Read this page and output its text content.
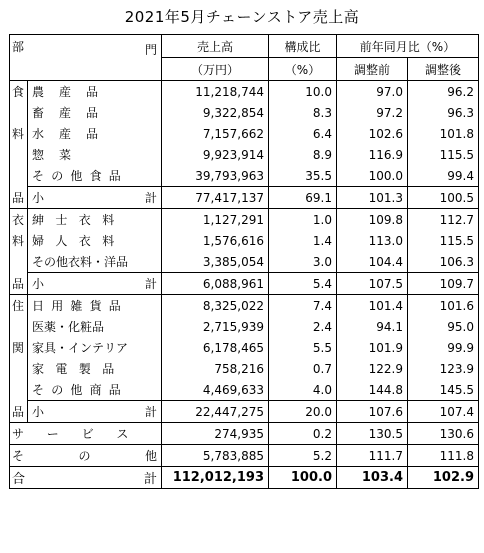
2021年5月チェーンストア売上高
部	門	売上高	構成比	前年同月比（%）	
		（万円）	（%）	調整前	調整後
食	農産品	11,218,744	10.0	97.0	96.2

	畜産品	9,322,854	8.3	97.2	96.3
料	水産品	7,157,662	6.4	102.6	101.8

	惣菜	9,923,914	8.9	116.9	115.5

	その他食品	39,793,963	35.5	100.0	99.4
品	小 計	77,417,137	69.1	101.3	100.5
衣	紳士衣料	1,127,291	1.0	109.8	112.7
料	婦人衣料	1,576,616	1.4	113.0	115.5

	その他衣料・洋品	3,385,054	3.0	104.4	106.3
品	小 計	6,088,961	5.4	107.5	109.7
住	日用雑貨品	8,325,022	7.4	101.4	101.6

	医薬・化粧品	2,715,939	2.4	94.1	95.0
関	家具・インテリア	6,178,465	5.5	101.9	99.9

	家電製品	758,216	0.7	122.9	123.9

	その他商品	4,469,633	4.0	144.8	145.5
品	小 計	22,447,275	20.0	107.6	107.4
サービス		274,935	0.2	130.5	130.6

そ の 他		5,783,885	5.2	111.7	111.8

合 計		112,012,193	100.0	103.4	102.9
